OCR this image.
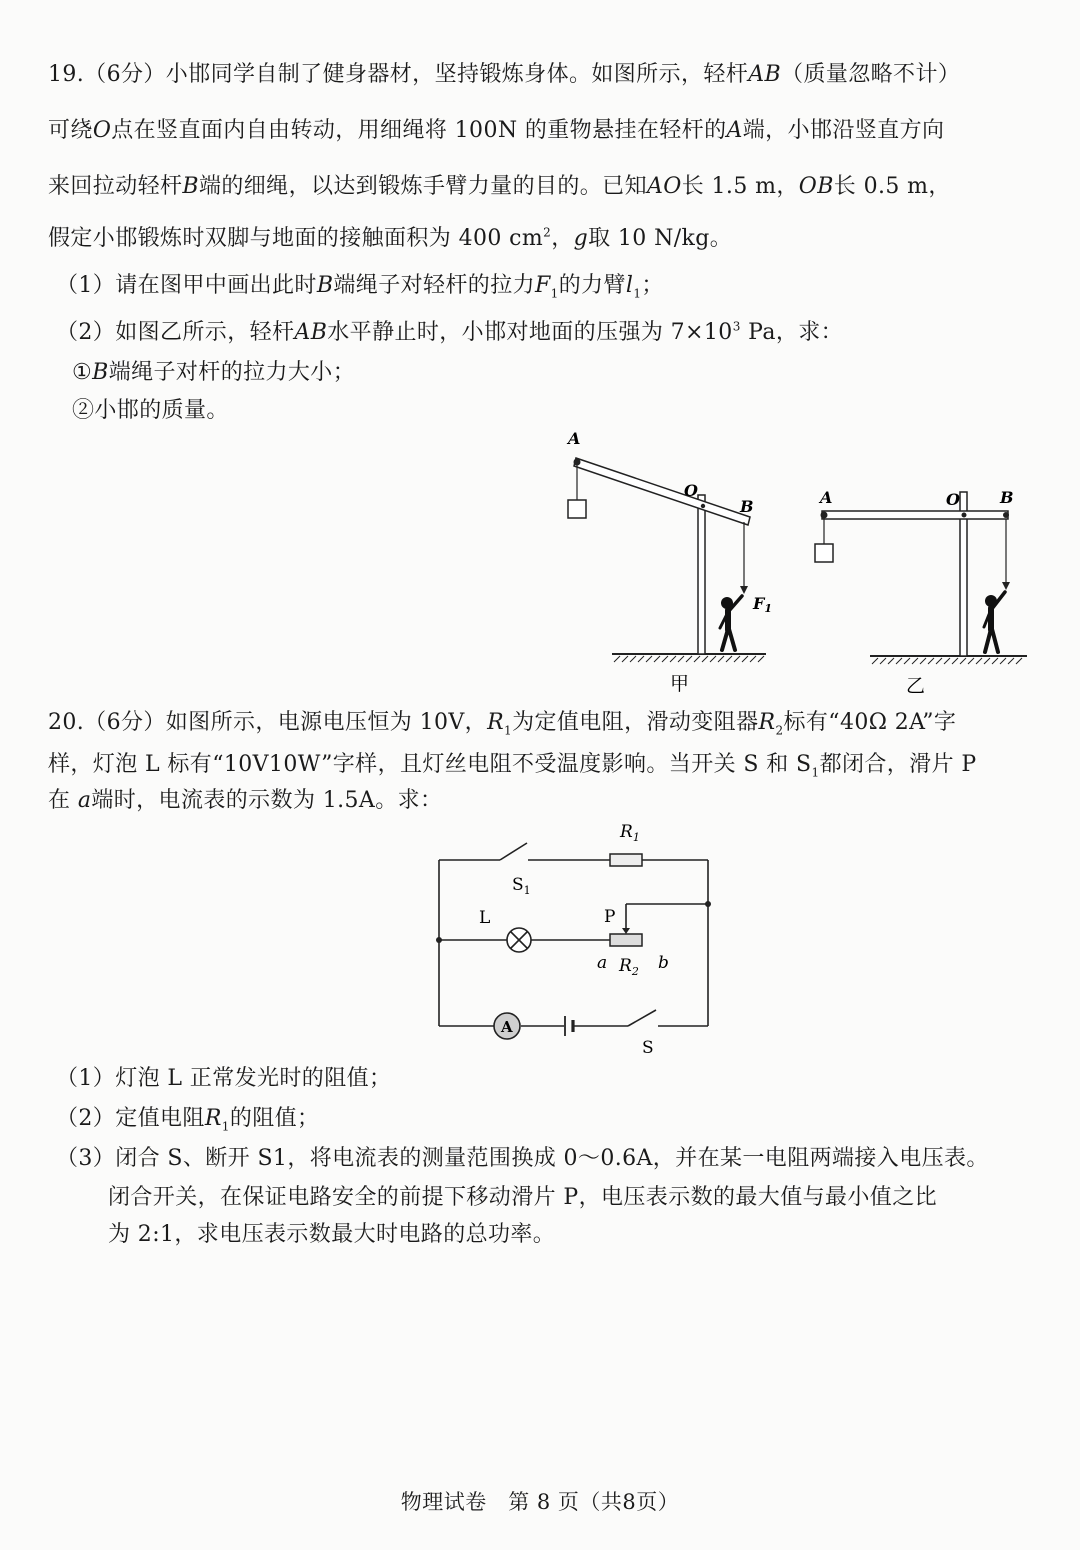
19.（6分）小邯同学自制了健身器材，坚持锻炼身体。如图所示，轻杆AB（质量忽略不计）
可绕O点在竖直面内自由转动，用细绳将 100N 的重物悬挂在轻杆的A端，小邯沿竖直方向
来回拉动轻杆B端的细绳，以达到锻炼手臂力量的目的。已知AO长 1.5 m，OB长 0.5 m，
假定小邯锻炼时双脚与地面的接触面积为 400 $cm^2$，g取 10 N/kg。
（1）请在图甲中画出此时B端绳子对轻杆的拉力$F_1$的力臂$l_1$；
（2）如图乙所示，轻杆AB水平静止时，小邯对地面的压强为 $7\times 10^3$ Pa，求：
①B端绳子对杆的拉力大小；
②小邯的质量。
A
O
B
F1
甲
A	O	B
乙
20.（6分）如图所示，电源电压恒为 10V，$R_1$为定值电阻，滑动变阻器$R_2$标有“40Ω 2A”字
样，灯泡 L 标有“10V10W”字样，且灯丝电阻不受温度影响。当开关 S 和 $S_1$都闭合，滑片 P
在 a端时，电流表的示数为 1.5A。求：
A
$R_1$
$S_1$
L	P
a $R_2$ b
S
（1）灯泡 L 正常发光时的阻值；
（2）定值电阻$R_1$的阻值；
（3）闭合 S、断开 S1，将电流表的测量范围换成 0～0.6A，并在某一电阻两端接入电压表。
闭合开关，在保证电路安全的前提下移动滑片 P，电压表示数的最大值与最小值之比
为 2:1，求电压表示数最大时电路的总功率。
物理试卷　第 8 页（共8页）
